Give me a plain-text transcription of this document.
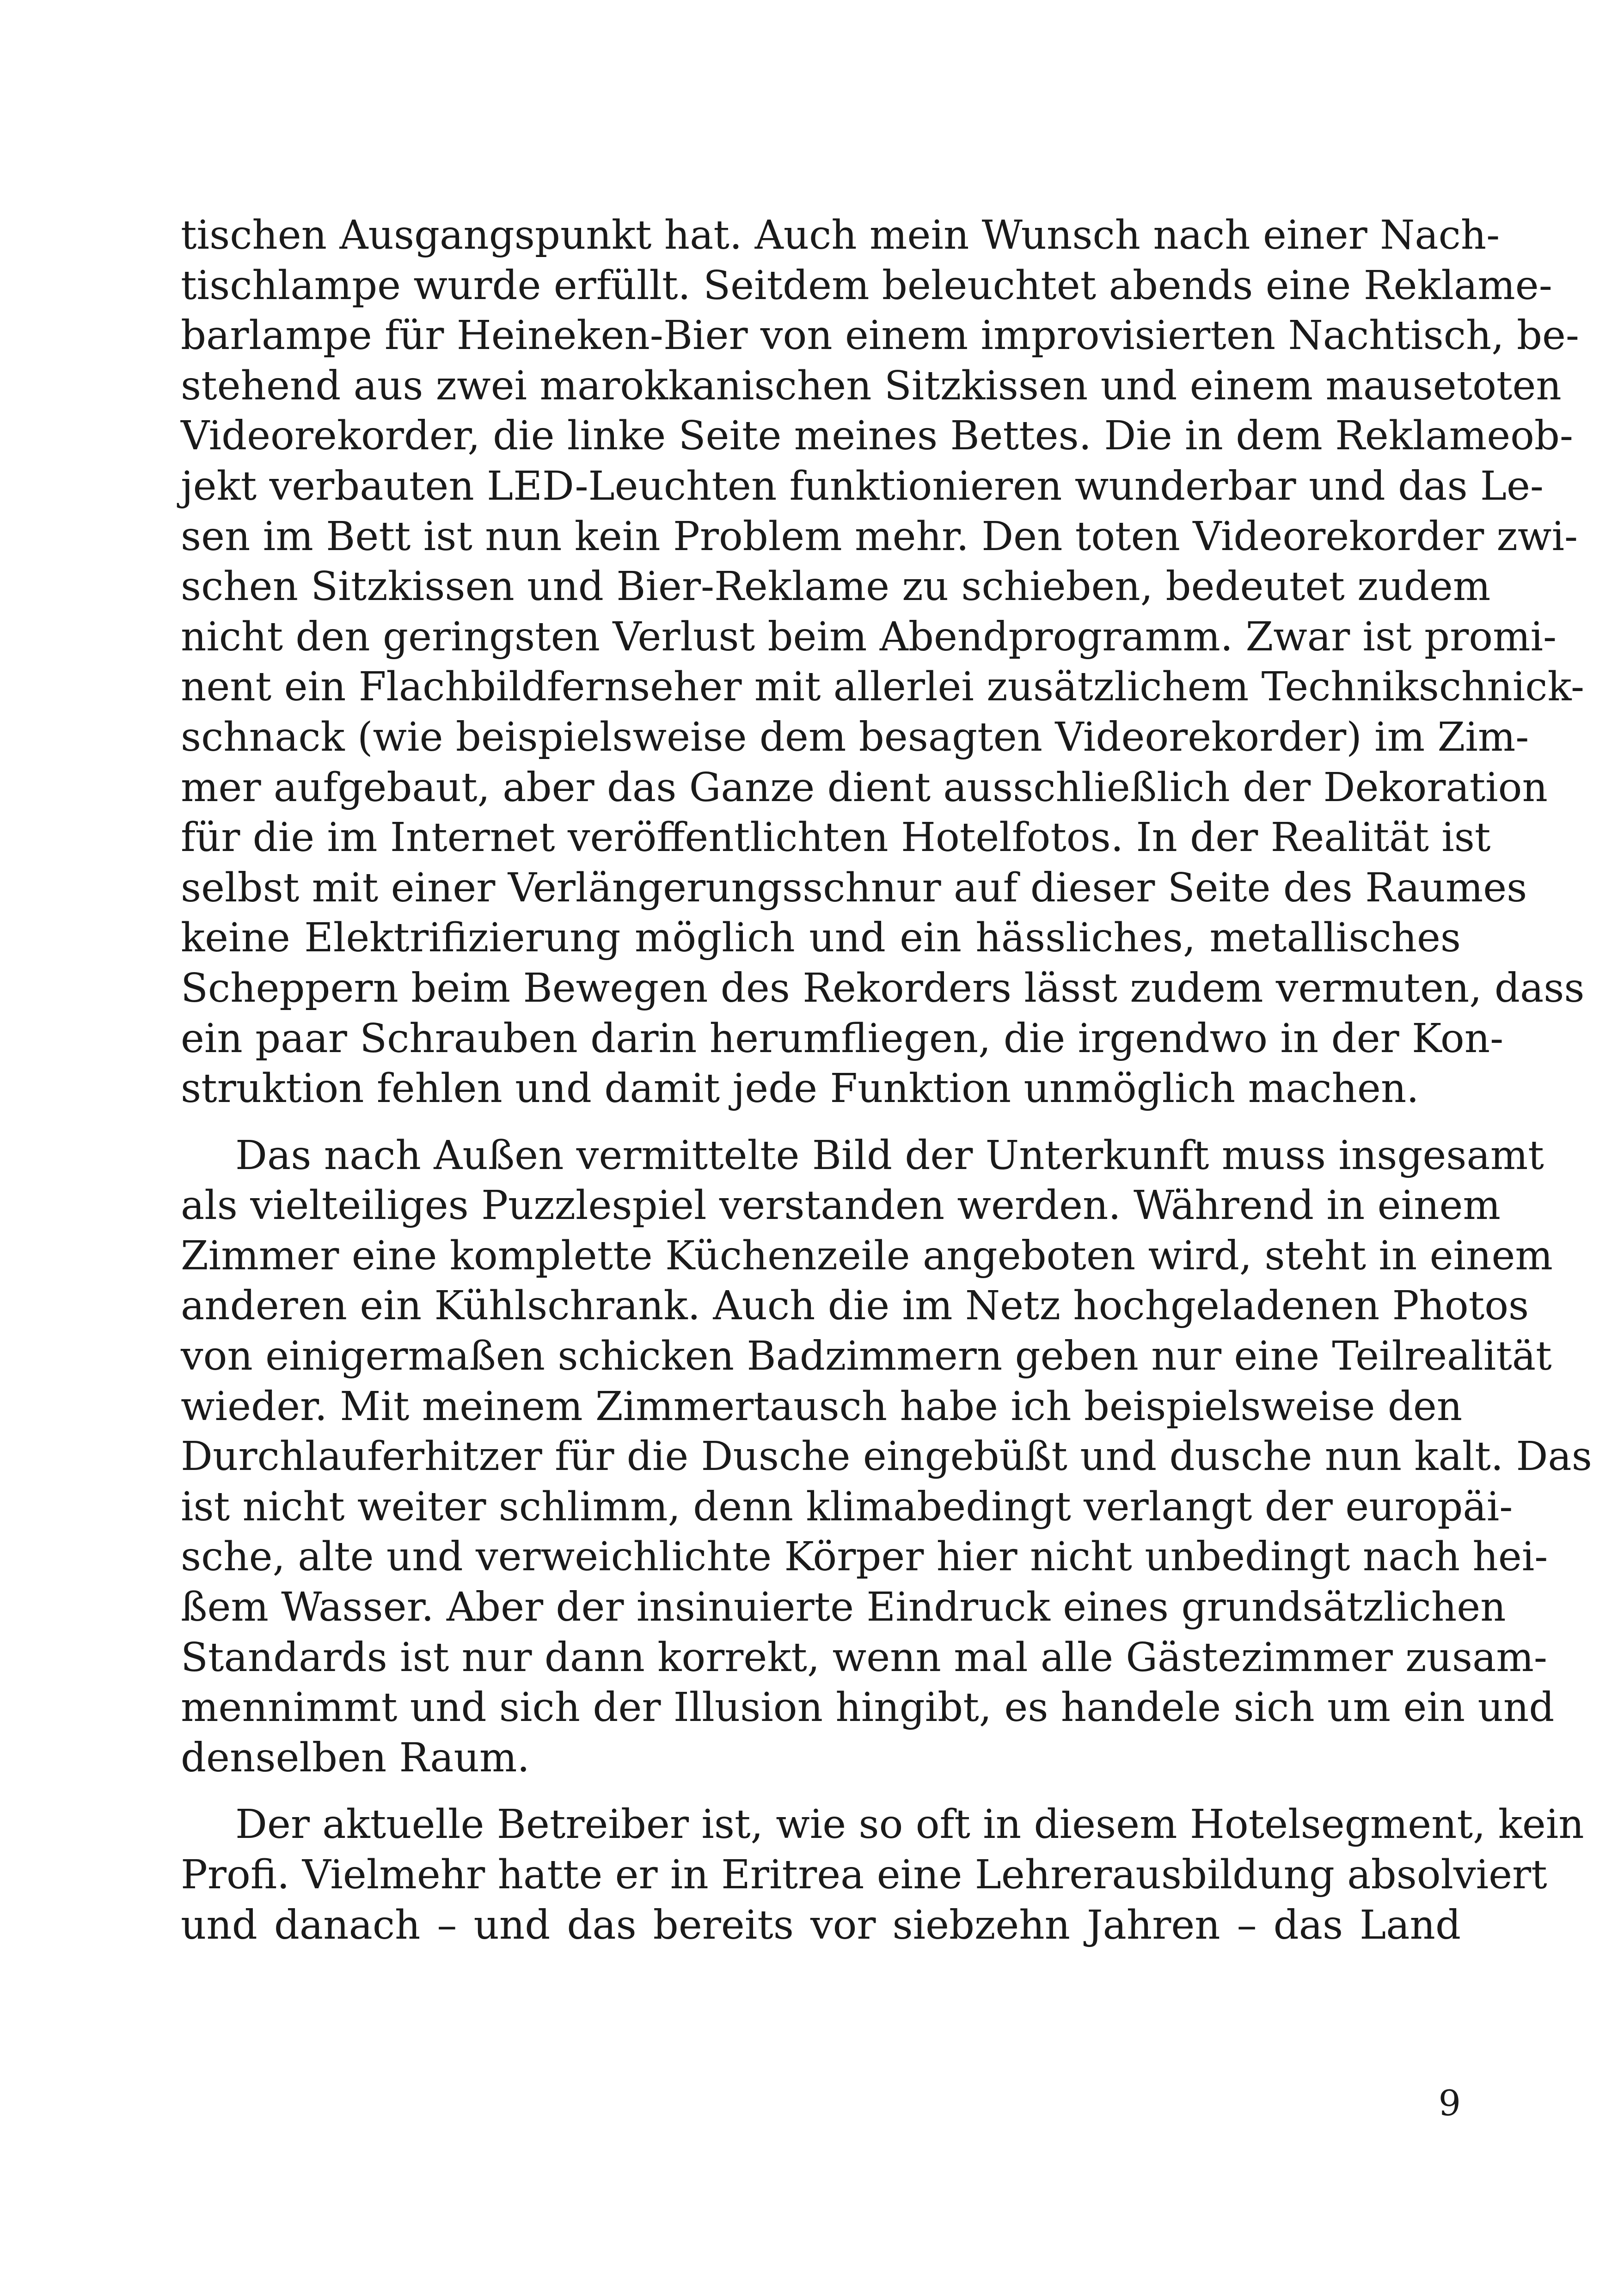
tischen Ausgangspunkt hat. Auch mein Wunsch nach einer Nach-
tischlampe wurde erfüllt. Seitdem beleuchtet abends eine Reklame-
barlampe für Heineken-Bier von einem improvisierten Nachtisch, be-
stehend aus zwei marokkanischen Sitzkissen und einem mausetoten
Videorekorder, die linke Seite meines Bettes. Die in dem Reklameob-
jekt verbauten LED-Leuchten funktionieren wunderbar und das Le-
sen im Bett ist nun kein Problem mehr. Den toten Videorekorder zwi-
schen Sitzkissen und Bier-Reklame zu schieben, bedeutet zudem
nicht den geringsten Verlust beim Abendprogramm. Zwar ist promi-
nent ein Flachbildfernseher mit allerlei zusätzlichem Technikschnick-
schnack (wie beispielsweise dem besagten Videorekorder) im Zim-
mer aufgebaut, aber das Ganze dient ausschließlich der Dekoration
für die im Internet veröffentlichten Hotelfotos. In der Realität ist
selbst mit einer Verlängerungsschnur auf dieser Seite des Raumes
keine Elektrifizierung möglich und ein hässliches, metallisches
Scheppern beim Bewegen des Rekorders lässt zudem vermuten, dass
ein paar Schrauben darin herumfliegen, die irgendwo in der Kon-
struktion fehlen und damit jede Funktion unmöglich machen.

Das nach Außen vermittelte Bild der Unterkunft muss insgesamt
als vielteiliges Puzzlespiel verstanden werden. Während in einem
Zimmer eine komplette Küchenzeile angeboten wird, steht in einem
anderen ein Kühlschrank. Auch die im Netz hochgeladenen Photos
von einigermaßen schicken Badzimmern geben nur eine Teilrealität
wieder. Mit meinem Zimmertausch habe ich beispielsweise den
Durchlauferhitzer für die Dusche eingebüßt und dusche nun kalt. Das
ist nicht weiter schlimm, denn klimabedingt verlangt der europäi-
sche, alte und verweichlichte Körper hier nicht unbedingt nach hei-
ßem Wasser. Aber der insinuierte Eindruck eines grundsätzlichen
Standards ist nur dann korrekt, wenn mal alle Gästezimmer zusam-
mennimmt und sich der Illusion hingibt, es handele sich um ein und
denselben Raum.

Der aktuelle Betreiber ist, wie so oft in diesem Hotelsegment, kein
Profi. Vielmehr hatte er in Eritrea eine Lehrerausbildung absolviert
und danach – und das bereits vor siebzehn Jahren – das Land

9
